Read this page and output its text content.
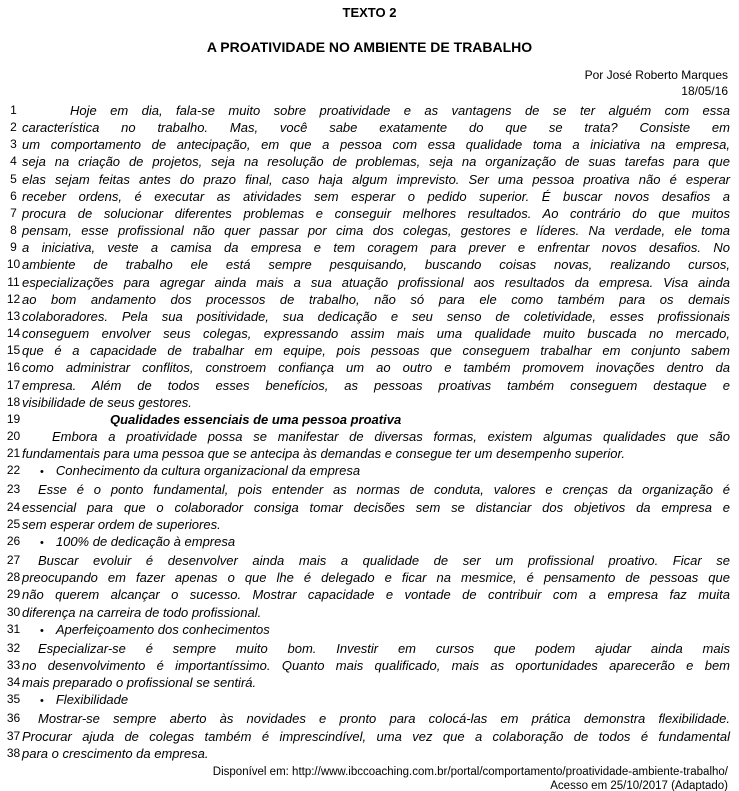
TEXTO 2
A PROATIVIDADE NO AMBIENTE DE TRABALHO
Por José Roberto Marques
18/05/16
1	Hoje em dia, fala-se muito sobre proatividade e as vantagens de se ter alguém com essa
2 característica no trabalho. Mas, você sabe exatamente do que se trata? Consiste em
3 um comportamento de antecipação, em que a pessoa com essa qualidade toma a iniciativa na empresa,
4 seja na criação de projetos, seja na resolução de problemas, seja na organização de suas tarefas para que
5 elas sejam feitas antes do prazo final, caso haja algum imprevisto. Ser uma pessoa proativa não é esperar
6 receber ordens, é executar as atividades sem esperar o pedido superior. É buscar novos desafios a
7 procura de solucionar diferentes problemas e conseguir melhores resultados. Ao contrário do que muitos
8 pensam, esse profissional não quer passar por cima dos colegas, gestores e líderes. Na verdade, ele toma
9 a iniciativa, veste a camisa da empresa e tem coragem para prever e enfrentar novos desafios. No
10 ambiente de trabalho ele está sempre pesquisando, buscando coisas novas, realizando cursos,
11 especializações para agregar ainda mais a sua atuação profissional aos resultados da empresa. Visa ainda
12 ao bom andamento dos processos de trabalho, não só para ele como também para os demais
13 colaboradores. Pela sua positividade, sua dedicação e seu senso de coletividade, esses profissionais
14 conseguem envolver seus colegas, expressando assim mais uma qualidade muito buscada no mercado,
15 que é a capacidade de trabalhar em equipe, pois pessoas que conseguem trabalhar em conjunto sabem
16 como administrar conflitos, constroem confiança um ao outro e também promovem inovações dentro da
17 empresa. Além de todos esses benefícios, as pessoas proativas também conseguem destaque e
18 visibilidade de seus gestores.
19	Qualidades essenciais de uma pessoa proativa
20	Embora a proatividade possa se manifestar de diversas formas, existem algumas qualidades que são
21 fundamentais para uma pessoa que se antecipa às demandas e consegue ter um desempenho superior.
22	• Conhecimento da cultura organizacional da empresa
23	Esse é o ponto fundamental, pois entender as normas de conduta, valores e crenças da organização é
24 essencial para que o colaborador consiga tomar decisões sem se distanciar dos objetivos da empresa e
25 sem esperar ordem de superiores.
26	• 100% de dedicação à empresa
27	Buscar evoluir é desenvolver ainda mais a qualidade de ser um profissional proativo. Ficar se
28 preocupando em fazer apenas o que lhe é delegado e ficar na mesmice, é pensamento de pessoas que
29 não querem alcançar o sucesso. Mostrar capacidade e vontade de contribuir com a empresa faz muita
30 diferença na carreira de todo profissional.
31	• Aperfeiçoamento dos conhecimentos
32	Especializar-se é sempre muito bom. Investir em cursos que podem ajudar ainda mais
33 no desenvolvimento é importantíssimo. Quanto mais qualificado, mais as oportunidades aparecerão e bem
34 mais preparado o profissional se sentirá.
35	• Flexibilidade
36	Mostrar-se sempre aberto às novidades e pronto para colocá-las em prática demonstra flexibilidade.
37 Procurar ajuda de colegas também é imprescindível, uma vez que a colaboração de todos é fundamental
38 para o crescimento da empresa.
Disponível em: http://www.ibccoaching.com.br/portal/comportamento/proatividade-ambiente-trabalho/
Acesso em 25/10/2017 (Adaptado)
